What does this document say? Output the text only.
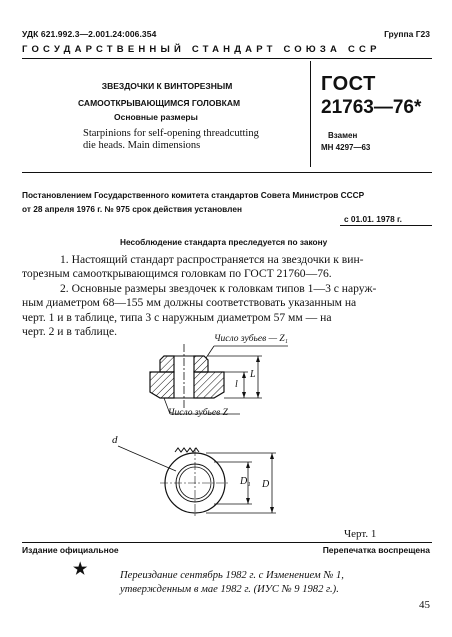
УДК 621.992.3—2.001.24:006.354	Группа Г23
ГОСУДАРСТВЕННЫЙ СТАНДАРТ СОЮЗА ССР
ЗВЕЗДОЧКИ К ВИНТОРЕЗНЫМ
САМООТКРЫВАЮЩИМСЯ ГОЛОВКАМ
Основные размеры
Starpinions for self-opening threadcutting
die heads. Main dimensions
ГОСТ
21763—76*
Взамен
МН 4297—63
Постановлением Государственного комитета стандартов Совета Министров СССР
от 28 апреля 1976 г. № 975 срок действия установлен
с 01.01. 1978 г.
Несоблюдение стандарта преследуется по закону
1. Настоящий стандарт распространяется на звездочки к вин-
торезным самооткрывающимся головкам по ГОСТ 21760—76.
2. Основные размеры звездочек к головкам типов 1—3 с наруж-
ным диаметром 68—155 мм должны соответствовать указанным на
черт. 1 и в таблице, типа 3 с наружным диаметром 57 мм — на
черт. 2 и в таблице.
Число зубьев — Z₁
Число зубьев Z
l
L
d
D₁ D
Черт. 1
Издание официальное	Перепечатка воспрещена
★	Переиздание сентябрь 1982 г. с Изменением № 1,
утвержденным в мае 1982 г. (ИУС № 9 1982 г.).
45
